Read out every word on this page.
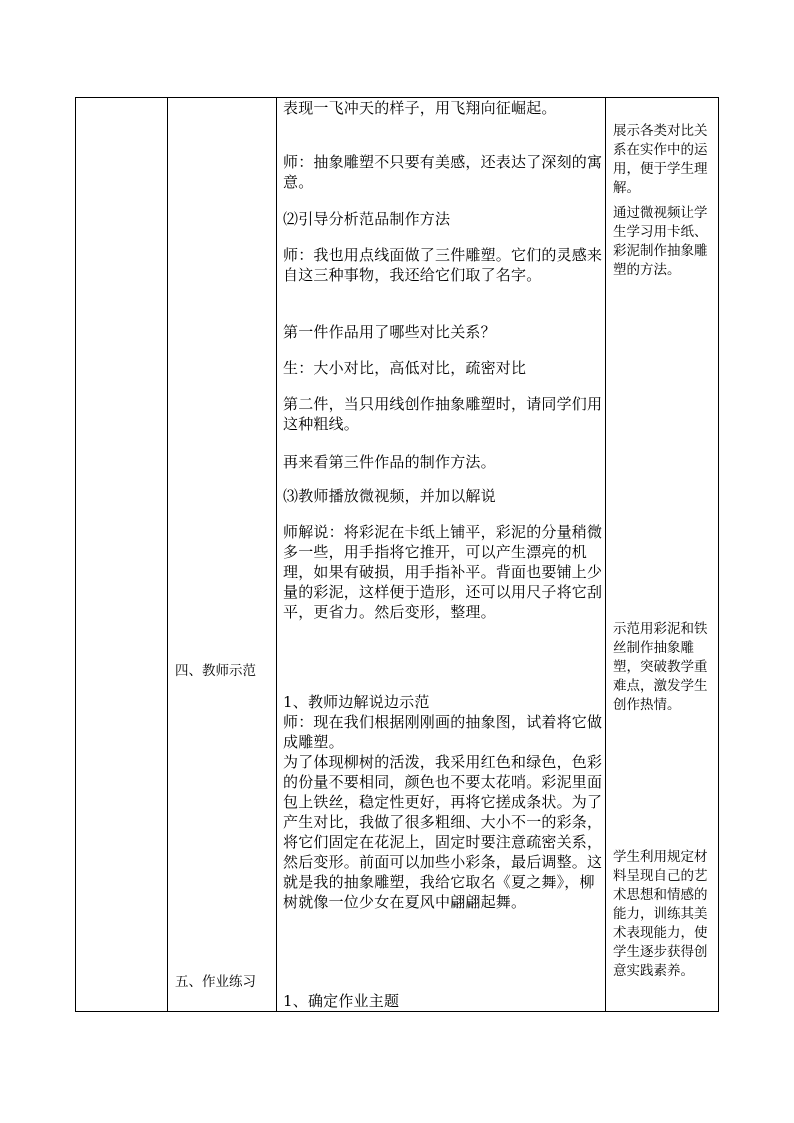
四、教师示范
五、作业练习

表现一飞冲天的样子，用飞翔向征崛起。

师：抽象雕塑不只要有美感，还表达了深刻的寓意。

⑵引导分析范品制作方法

师：我也用点线面做了三件雕塑。它们的灵感来自这三种事物，我还给它们取了名字。

第一件作品用了哪些对比关系？

生：大小对比，高低对比，疏密对比

第二件，当只用线创作抽象雕塑时，请同学们用这种粗线。

再来看第三件作品的制作方法。

⑶教师播放微视频，并加以解说

师解说：将彩泥在卡纸上铺平，彩泥的分量稍微多一些，用手指将它推开，可以产生漂亮的机理，如果有破损，用手指补平。背面也要铺上少量的彩泥，这样便于造形，还可以用尺子将它刮平，更省力。然后变形，整理。

1、教师边解说边示范

师：现在我们根据刚刚画的抽象图，试着将它做成雕塑。

为了体现柳树的活泼，我采用红色和绿色，色彩的份量不要相同，颜色也不要太花哨。彩泥里面包上铁丝，稳定性更好，再将它搓成条状。为了产生对比，我做了很多粗细、大小不一的彩条，将它们固定在花泥上，固定时要注意疏密关系，然后变形。前面可以加些小彩条，最后调整。这就是我的抽象雕塑，我给它取名《夏之舞》，柳树就像一位少女在夏风中翩翩起舞。

1、确定作业主题

展示各类对比关系在实作中的运用，便于学生理解。
通过微视频让学生学习用卡纸、彩泥制作抽象雕塑的方法。
示范用彩泥和铁丝制作抽象雕塑，突破教学重难点，激发学生创作热情。
学生利用规定材料呈现自己的艺术思想和情感的能力，训练其美术表现能力，使学生逐步获得创意实践素养。
